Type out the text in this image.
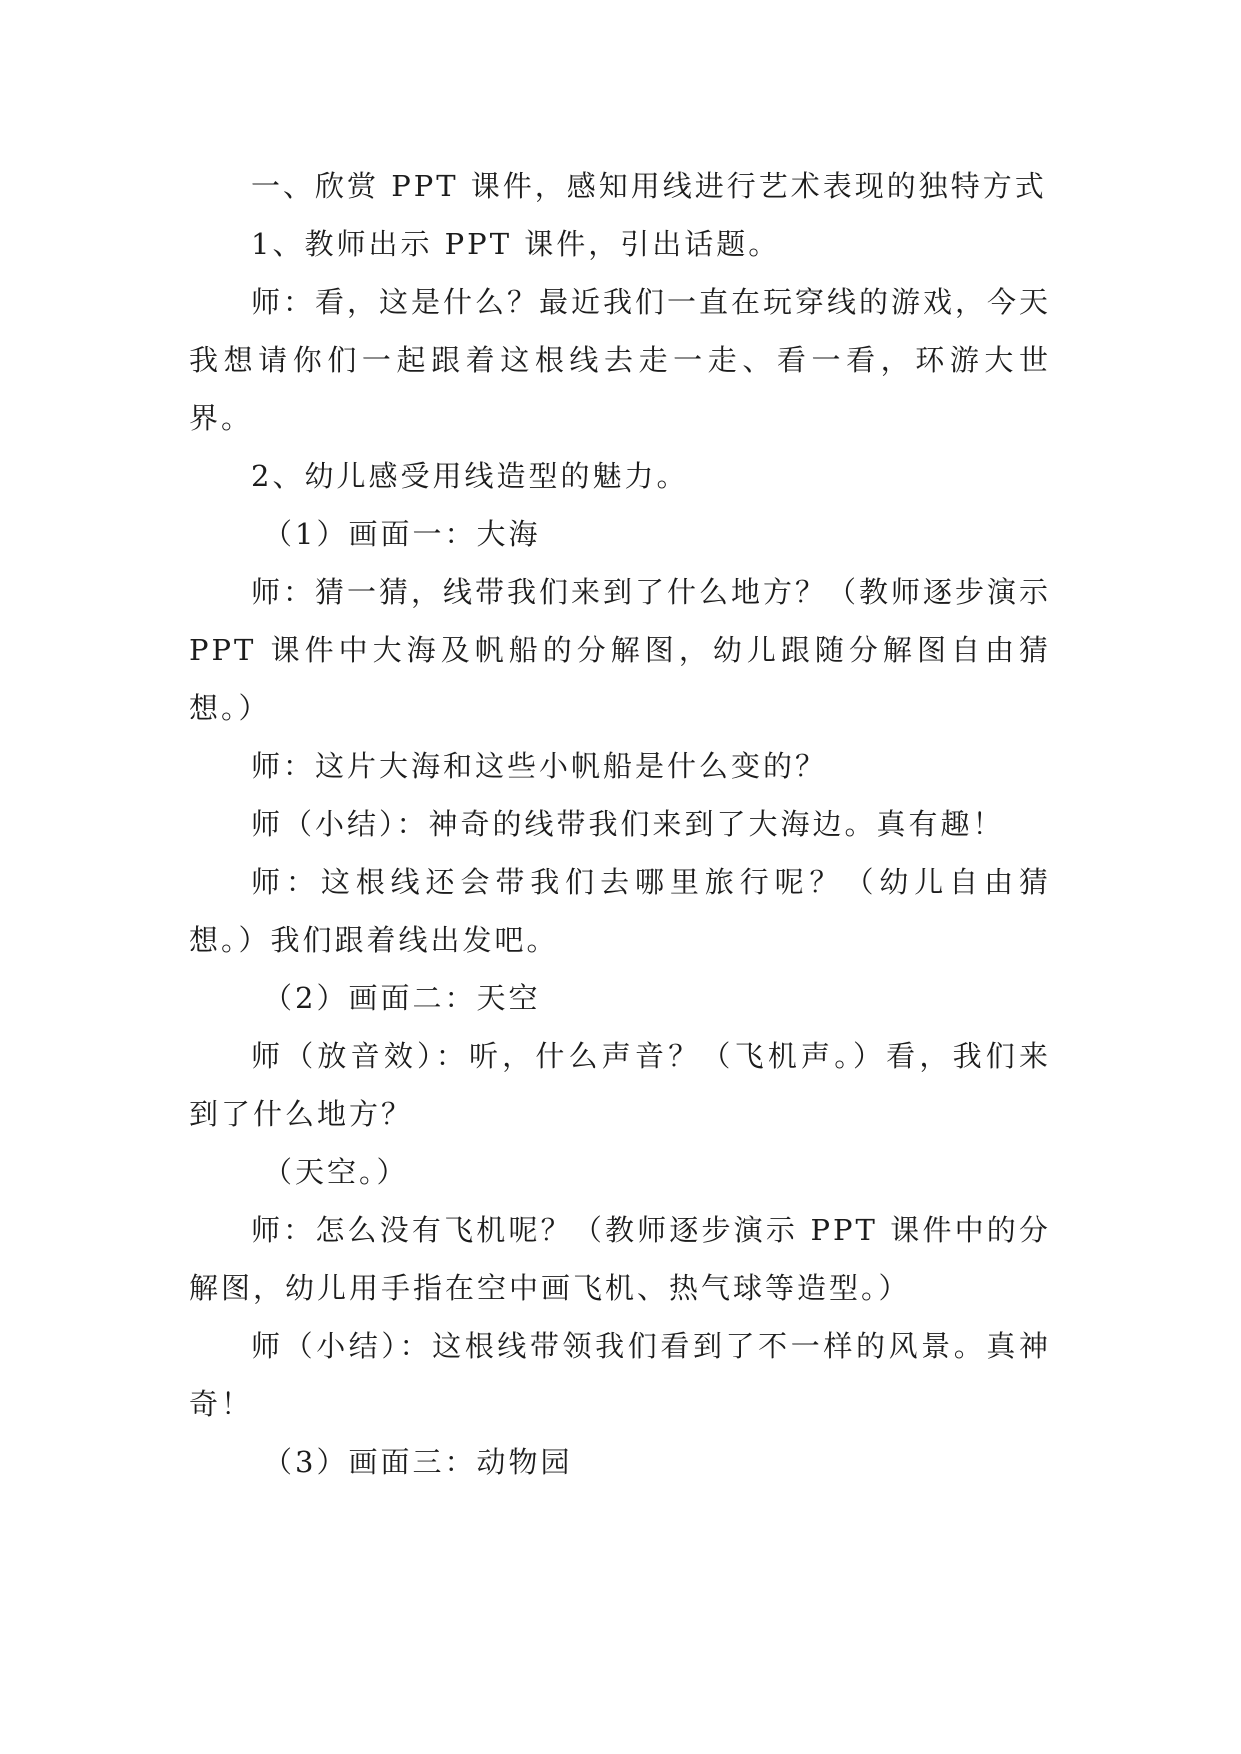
一、欣赏 PPT 课件，感知用线进行艺术表现的独特方式

1、教师出示 PPT 课件，引出话题。

师：看，这是什么？最近我们一直在玩穿线的游戏，今天我想请你们一起跟着这根线去走一走、看一看，环游大世界。

2、幼儿感受用线造型的魅力。

（1）画面一：大海

师：猜一猜，线带我们来到了什么地方？（教师逐步演示 PPT 课件中大海及帆船的分解图，幼儿跟随分解图自由猜想。）

师：这片大海和这些小帆船是什么变的？

师（小结）：神奇的线带我们来到了大海边。真有趣！

师：这根线还会带我们去哪里旅行呢？（幼儿自由猜想。）我们跟着线出发吧。

（2）画面二：天空

师（放音效）：听，什么声音？（飞机声。）看，我们来到了什么地方？

（天空。）

师：怎么没有飞机呢？（教师逐步演示 PPT 课件中的分解图，幼儿用手指在空中画飞机、热气球等造型。）

师（小结）：这根线带领我们看到了不一样的风景。真神奇！

（3）画面三：动物园
